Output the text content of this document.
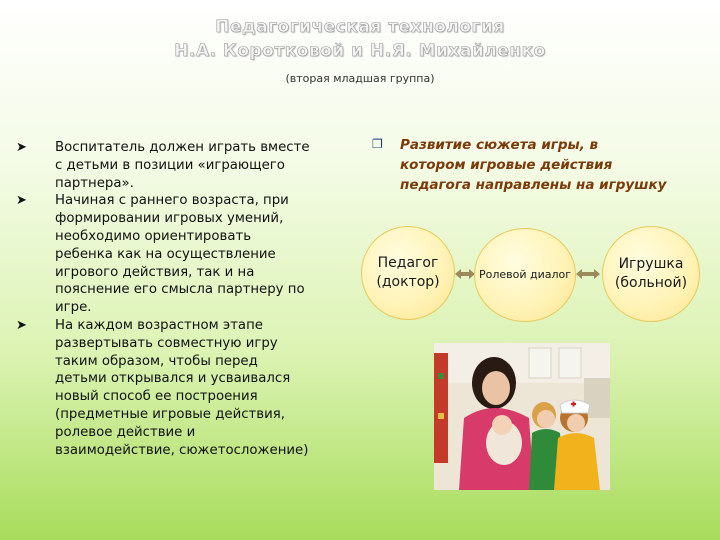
Педагогическая технология
Н.А. Коротковой и Н.Я. Михайленко
(вторая младшая группа)
➤ Воспитатель должен играть вместе
с детьми в позиции «играющего
партнера».
➤ Начиная с раннего возраста, при
формировании игровых умений,
необходимо ориентировать
ребенка как на осуществление
игрового действия, так и на
пояснение его смысла партнеру по
игре.
➤ На каждом возрастном этапе
развертывать совместную игру
таким образом, чтобы перед
детьми открывался и усваивался
новый способ ее построения
(предметные игровые действия,
ролевое действие и
взаимодействие, сюжетосложение)
❐	Развитие сюжета игры, в
котором игровые действия
педагога направлены на игрушку
Педагог
(доктор)	Ролевой диалог
Игрушка
(больной)
